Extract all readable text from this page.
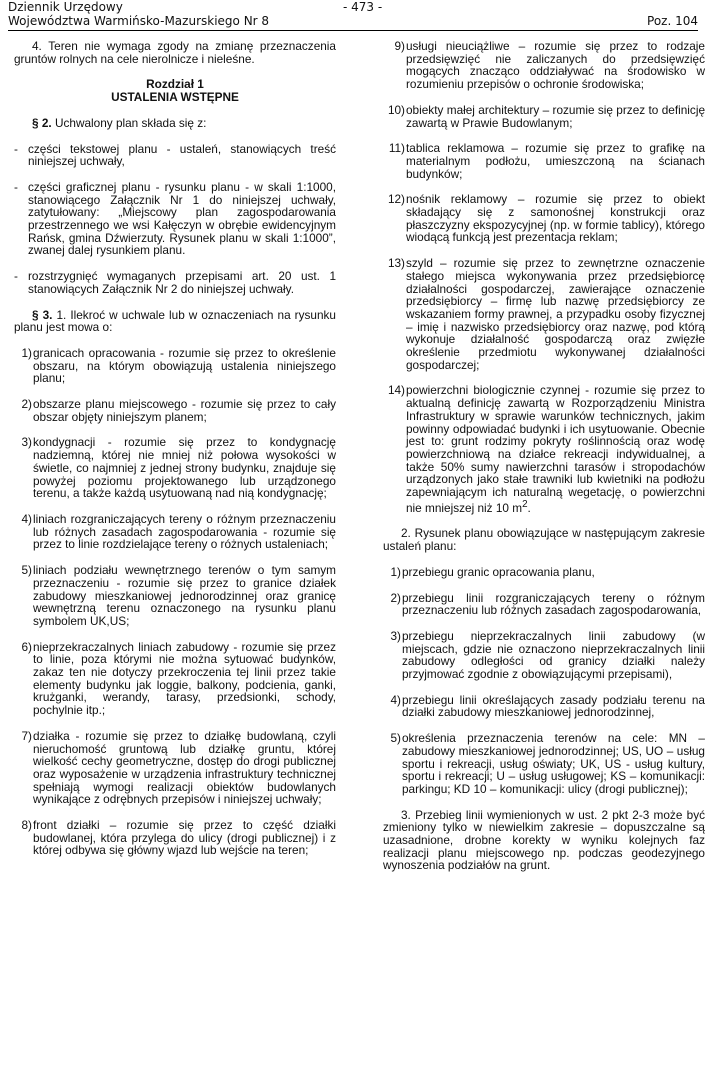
Dziennik Urzędowy
Województwa Warmińsko-Mazurskiego Nr 8
- 473 -
Poz. 104

4. Teren nie wymaga zgody na zmianę przeznaczenia gruntów rolnych na cele nierolnicze i nieleśne.

Rozdział 1

USTALENIA WSTĘPNE

§ 2. Uchwalony plan składa się z:

- części tekstowej planu - ustaleń, stanowiących treść niniejszej uchwały,
- części graficznej planu - rysunku planu - w skali 1:1000, stanowiącego Załącznik Nr 1 do niniejszej uchwały, zatytułowany: „Miejscowy plan zagospodarowania przestrzennego we wsi Kałęczyn w obrębie ewidencyjnym Rańsk, gmina Dźwierzuty. Rysunek planu w skali 1:1000”, zwanej dalej rysunkiem planu.
- rozstrzygnięć wymaganych przepisami art. 20 ust. 1 stanowiących Załącznik Nr 2 do niniejszej uchwały.

§ 3. 1. Ilekroć w uchwale lub w oznaczeniach na rysunku planu jest mowa o:

1) granicach opracowania - rozumie się przez to określenie obszaru, na którym obowiązują ustalenia niniejszego planu;
2) obszarze planu miejscowego - rozumie się przez to cały obszar objęty niniejszym planem;
3) kondygnacji - rozumie się przez to kondygnację nadziemną, której nie mniej niż połowa wysokości w świetle, co najmniej z jednej strony budynku, znajduje się powyżej poziomu projektowanego lub urządzonego terenu, a także każdą usytuowaną nad nią kondygnację;
4) liniach rozgraniczających tereny o różnym przeznaczeniu lub różnych zasadach zagospodarowania - rozumie się przez to linie rozdzielające tereny o różnych ustaleniach;
5) liniach podziału wewnętrznego terenów o tym samym przeznaczeniu - rozumie się przez to granice działek zabudowy mieszkaniowej jednorodzinnej oraz granicę wewnętrzną terenu oznaczonego na rysunku planu symbolem UK,US;
6) nieprzekraczalnych liniach zabudowy - rozumie się przez to linie, poza którymi nie można sytuować budynków, zakaz ten nie dotyczy przekroczenia tej linii przez takie elementy budynku jak loggie, balkony, podcienia, ganki, krużganki, werandy, tarasy, przedsionki, schody, pochylnie itp.;
7) działka - rozumie się przez to działkę budowlaną, czyli nieruchomość gruntową lub działkę gruntu, której wielkość cechy geometryczne, dostęp do drogi publicznej oraz wyposażenie w urządzenia infrastruktury technicznej spełniają wymogi realizacji obiektów budowlanych wynikające z odrębnych przepisów i niniejszej uchwały;
8) front działki – rozumie się przez to część działki budowlanej, która przylega do ulicy (drogi publicznej) i z której odbywa się główny wjazd lub wejście na teren;
9) usługi nieuciążliwe – rozumie się przez to rodzaje przedsięwzięć nie zaliczanych do przedsięwzięć mogących znacząco oddziaływać na środowisko w rozumieniu przepisów o ochronie środowiska;
10) obiekty małej architektury – rozumie się przez to definicję zawartą w Prawie Budowlanym;
11) tablica reklamowa – rozumie się przez to grafikę na materialnym podłożu, umieszczoną na ścianach budynków;
12) nośnik reklamowy – rozumie się przez to obiekt składający się z samonośnej konstrukcji oraz płaszczyzny ekspozycyjnej (np. w formie tablicy), którego wiodącą funkcją jest prezentacja reklam;
13) szyld – rozumie się przez to zewnętrzne oznaczenie stałego miejsca wykonywania przez przedsiębiorcę działalności gospodarczej, zawierające oznaczenie przedsiębiorcy – firmę lub nazwę przedsiębiorcy ze wskazaniem formy prawnej, a przypadku osoby fizycznej – imię i nazwisko przedsiębiorcy oraz nazwę, pod którą wykonuje działalność gospodarczą oraz zwięzłe określenie przedmiotu wykonywanej działalności gospodarczej;
14) powierzchni biologicznie czynnej - rozumie się przez to aktualną definicję zawartą w Rozporządzeniu Ministra Infrastruktury w sprawie warunków technicznych, jakim powinny odpowiadać budynki i ich usytuowanie. Obecnie jest to: grunt rodzimy pokryty roślinnością oraz wodę powierzchniową na działce rekreacji indywidualnej, a także 50% sumy nawierzchni tarasów i stropodachów urządzonych jako stałe trawniki lub kwietniki na podłożu zapewniającym ich naturalną wegetację, o powierzchni nie mniejszej niż 10 $m^2$.

2. Rysunek planu obowiązujące w następującym zakresie ustaleń planu:

1) przebiegu granic opracowania planu,
2) przebiegu linii rozgraniczających tereny o różnym przeznaczeniu lub różnych zasadach zagospodarowania,
3) przebiegu nieprzekraczalnych linii zabudowy (w miejscach, gdzie nie oznaczono nieprzekraczalnych linii zabudowy odległości od granicy działki należy przyjmować zgodnie z obowiązującymi przepisami),
4) przebiegu linii określających zasady podziału terenu na działki zabudowy mieszkaniowej jednorodzinnej,
5) określenia przeznaczenia terenów na cele: MN – zabudowy mieszkaniowej jednorodzinnej; US, UO – usług sportu i rekreacji, usług oświaty; UK, US - usług kultury, sportu i rekreacji; U – usług usługowej; KS – komunikacji: parkingu; KD 10 – komunikacji: ulicy (drogi publicznej);

3. Przebieg linii wymienionych w ust. 2 pkt 2-3 może być zmieniony tylko w niewielkim zakresie – dopuszczalne są uzasadnione, drobne korekty w wyniku kolejnych faz realizacji planu miejscowego np. podczas geodezyjnego wynoszenia podziałów na grunt.
